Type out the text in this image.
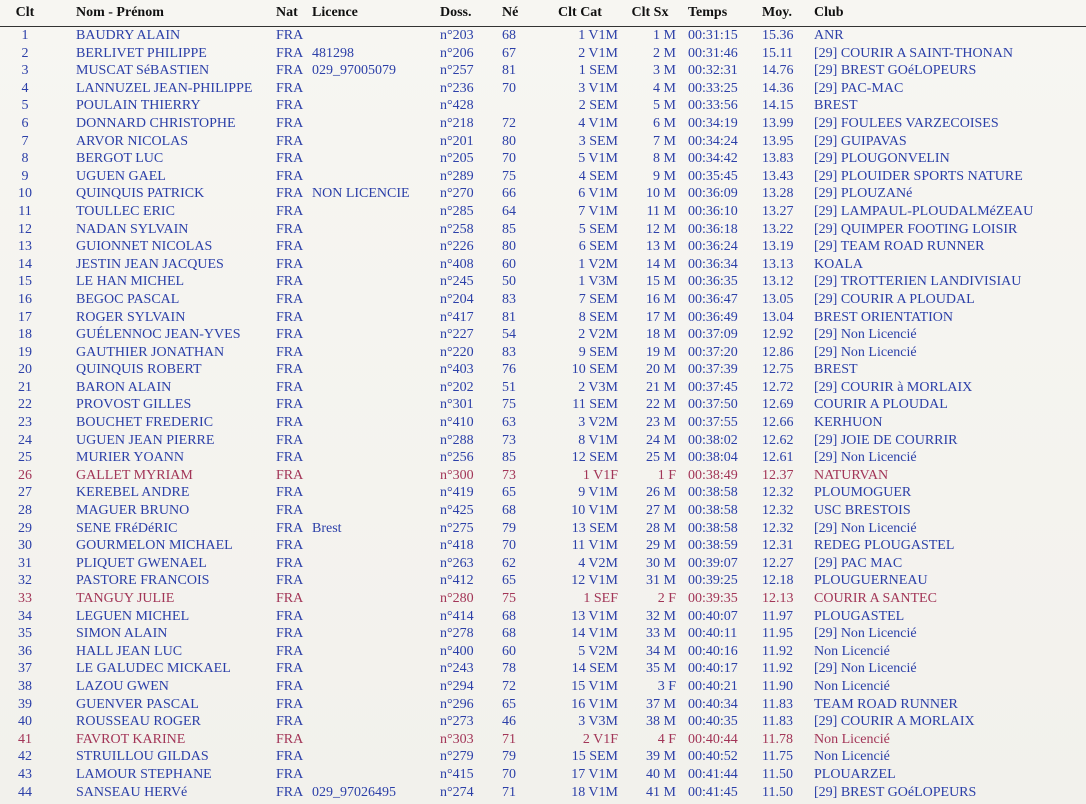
Clt	Nom - Prénom	Nat	Licence	Doss.	Né	Clt Cat	Clt Sx	Temps	Moy.	Club
1	BAUDRY ALAIN	FRA		n°203	68	1 V1M	1 M	00:31:15	15.36	ANR
2	BERLIVET PHILIPPE	FRA	481298	n°206	67	2 V1M	2 M	00:31:46	15.11	[29] COURIR A SAINT-THONAN
3	MUSCAT SéBASTIEN	FRA	029_97005079	n°257	81	1 SEM	3 M	00:32:31	14.76	[29] BREST GOéLOPEURS
4	LANNUZEL JEAN-PHILIPPE	FRA		n°236	70	3 V1M	4 M	00:33:25	14.36	[29] PAC-MAC
5	POULAIN THIERRY	FRA		n°428		2 SEM	5 M	00:33:56	14.15	BREST
6	DONNARD CHRISTOPHE	FRA		n°218	72	4 V1M	6 M	00:34:19	13.99	[29] FOULEES VARZECOISES
7	ARVOR NICOLAS	FRA		n°201	80	3 SEM	7 M	00:34:24	13.95	[29] GUIPAVAS
8	BERGOT LUC	FRA		n°205	70	5 V1M	8 M	00:34:42	13.83	[29] PLOUGONVELIN
9	UGUEN GAEL	FRA		n°289	75	4 SEM	9 M	00:35:45	13.43	[29] PLOUIDER SPORTS NATURE
10	QUINQUIS PATRICK	FRA	NON LICENCIE	n°270	66	6 V1M	10 M	00:36:09	13.28	[29] PLOUZANé
11	TOULLEC ERIC	FRA		n°285	64	7 V1M	11 M	00:36:10	13.27	[29] LAMPAUL-PLOUDALMéZEAU
12	NADAN SYLVAIN	FRA		n°258	85	5 SEM	12 M	00:36:18	13.22	[29] QUIMPER FOOTING LOISIR
13	GUIONNET NICOLAS	FRA		n°226	80	6 SEM	13 M	00:36:24	13.19	[29] TEAM ROAD RUNNER
14	JESTIN JEAN JACQUES	FRA		n°408	60	1 V2M	14 M	00:36:34	13.13	KOALA
15	LE HAN MICHEL	FRA		n°245	50	1 V3M	15 M	00:36:35	13.12	[29] TROTTERIEN LANDIVISIAU
16	BEGOC PASCAL	FRA		n°204	83	7 SEM	16 M	00:36:47	13.05	[29] COURIR A PLOUDAL
17	ROGER SYLVAIN	FRA		n°417	81	8 SEM	17 M	00:36:49	13.04	BREST ORIENTATION
18	GUÉLENNOC JEAN-YVES	FRA		n°227	54	2 V2M	18 M	00:37:09	12.92	[29] Non Licencié
19	GAUTHIER JONATHAN	FRA		n°220	83	9 SEM	19 M	00:37:20	12.86	[29] Non Licencié
20	QUINQUIS ROBERT	FRA		n°403	76	10 SEM	20 M	00:37:39	12.75	BREST
21	BARON ALAIN	FRA		n°202	51	2 V3M	21 M	00:37:45	12.72	[29] COURIR à MORLAIX
22	PROVOST GILLES	FRA		n°301	75	11 SEM	22 M	00:37:50	12.69	COURIR A PLOUDAL
23	BOUCHET FREDERIC	FRA		n°410	63	3 V2M	23 M	00:37:55	12.66	KERHUON
24	UGUEN JEAN PIERRE	FRA		n°288	73	8 V1M	24 M	00:38:02	12.62	[29] JOIE DE COURRIR
25	MURIER YOANN	FRA		n°256	85	12 SEM	25 M	00:38:04	12.61	[29] Non Licencié
26	GALLET MYRIAM	FRA		n°300	73	1 V1F	1 F	00:38:49	12.37	NATURVAN
27	KEREBEL ANDRE	FRA		n°419	65	9 V1M	26 M	00:38:58	12.32	PLOUMOGUER
28	MAGUER BRUNO	FRA		n°425	68	10 V1M	27 M	00:38:58	12.32	USC BRESTOIS
29	SENE FRéDéRIC	FRA	Brest	n°275	79	13 SEM	28 M	00:38:58	12.32	[29] Non Licencié
30	GOURMELON MICHAEL	FRA		n°418	70	11 V1M	29 M	00:38:59	12.31	REDEG PLOUGASTEL
31	PLIQUET GWENAEL	FRA		n°263	62	4 V2M	30 M	00:39:07	12.27	[29] PAC MAC
32	PASTORE FRANCOIS	FRA		n°412	65	12 V1M	31 M	00:39:25	12.18	PLOUGUERNEAU
33	TANGUY JULIE	FRA		n°280	75	1 SEF	2 F	00:39:35	12.13	COURIR A SANTEC
34	LEGUEN MICHEL	FRA		n°414	68	13 V1M	32 M	00:40:07	11.97	PLOUGASTEL
35	SIMON ALAIN	FRA		n°278	68	14 V1M	33 M	00:40:11	11.95	[29] Non Licencié
36	HALL JEAN LUC	FRA		n°400	60	5 V2M	34 M	00:40:16	11.92	Non Licencié
37	LE GALUDEC MICKAEL	FRA		n°243	78	14 SEM	35 M	00:40:17	11.92	[29] Non Licencié
38	LAZOU GWEN	FRA		n°294	72	15 V1M	3 F	00:40:21	11.90	Non Licencié
39	GUENVER PASCAL	FRA		n°296	65	16 V1M	37 M	00:40:34	11.83	TEAM ROAD RUNNER
40	ROUSSEAU ROGER	FRA		n°273	46	3 V3M	38 M	00:40:35	11.83	[29] COURIR A MORLAIX
41	FAVROT KARINE	FRA		n°303	71	2 V1F	4 F	00:40:44	11.78	Non Licencié
42	STRUILLOU GILDAS	FRA		n°279	79	15 SEM	39 M	00:40:52	11.75	Non Licencié
43	LAMOUR STEPHANE	FRA		n°415	70	17 V1M	40 M	00:41:44	11.50	PLOUARZEL
44	SANSEAU HERVé	FRA	029_97026495	n°274	71	18 V1M	41 M	00:41:45	11.50	[29] BREST GOéLOPEURS
